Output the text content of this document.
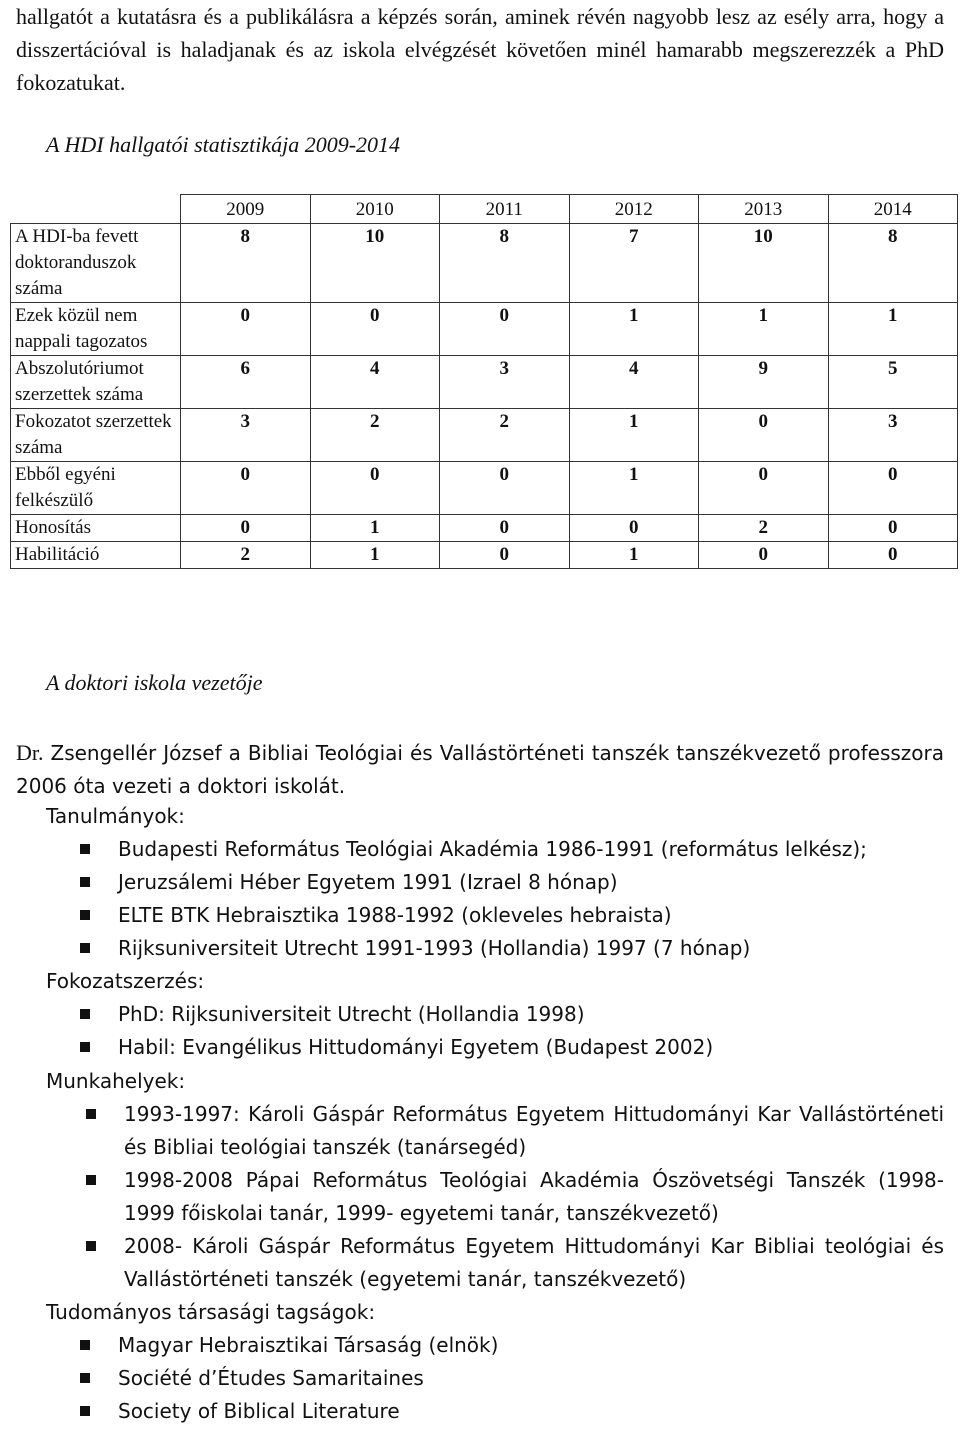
hallgatót a kutatásra és a publikálásra a képzés során, aminek révén nagyobb lesz az esély arra, hogy a disszertációval is haladjanak és az iskola elvégzését követően minél hamarabb megszerezzék a PhD fokozatukat.

A HDI hallgatói statisztikája 2009-2014

	2009	2010	2011	2012	2013	2014
A HDI-ba fevett doktoranduszok száma	8	10	8	7	10	8
Ezek közül nem nappali tagozatos	0	0	0	1	1	1
Abszolutóriumot szerzettek száma	6	4	3	4	9	5
Fokozatot szerzettek száma	3	2	2	1	0	3
Ebből egyéni felkészülő	0	0	0	1	0	0
Honosítás	0	1	0	0	2	0
Habilitáció	2	1	0	1	0	0

A doktori iskola vezetője

Dr. Zsengellér József a Bibliai Teológiai és Vallástörténeti tanszék tanszékvezető professzora 2006 óta vezeti a doktori iskolát.

Tanulmányok:

Budapesti Református Teológiai Akadémia 1986-1991 (református lelkész);
Jeruzsálemi Héber Egyetem 1991 (Izrael 8 hónap)
ELTE BTK Hebraisztika 1988-1992 (okleveles hebraista)
Rijksuniversiteit Utrecht 1991-1993 (Hollandia) 1997 (7 hónap)

Fokozatszerzés:

PhD: Rijksuniversiteit Utrecht (Hollandia 1998)
Habil: Evangélikus Hittudományi Egyetem (Budapest 2002)

Munkahelyek:

1993-1997: Károli Gáspár Református Egyetem Hittudományi Kar Vallástörténeti és Bibliai teológiai tanszék (tanársegéd)
1998-2008 Pápai Református Teológiai Akadémia Ószövetségi Tanszék (1998-1999 főiskolai tanár, 1999- egyetemi tanár, tanszékvezető)
2008- Károli Gáspár Református Egyetem Hittudományi Kar Bibliai teológiai és Vallástörténeti tanszék (egyetemi tanár, tanszékvezető)

Tudományos társasági tagságok:

Magyar Hebraisztikai Társaság (elnök)
Société d’Études Samaritaines
Society of Biblical Literature
